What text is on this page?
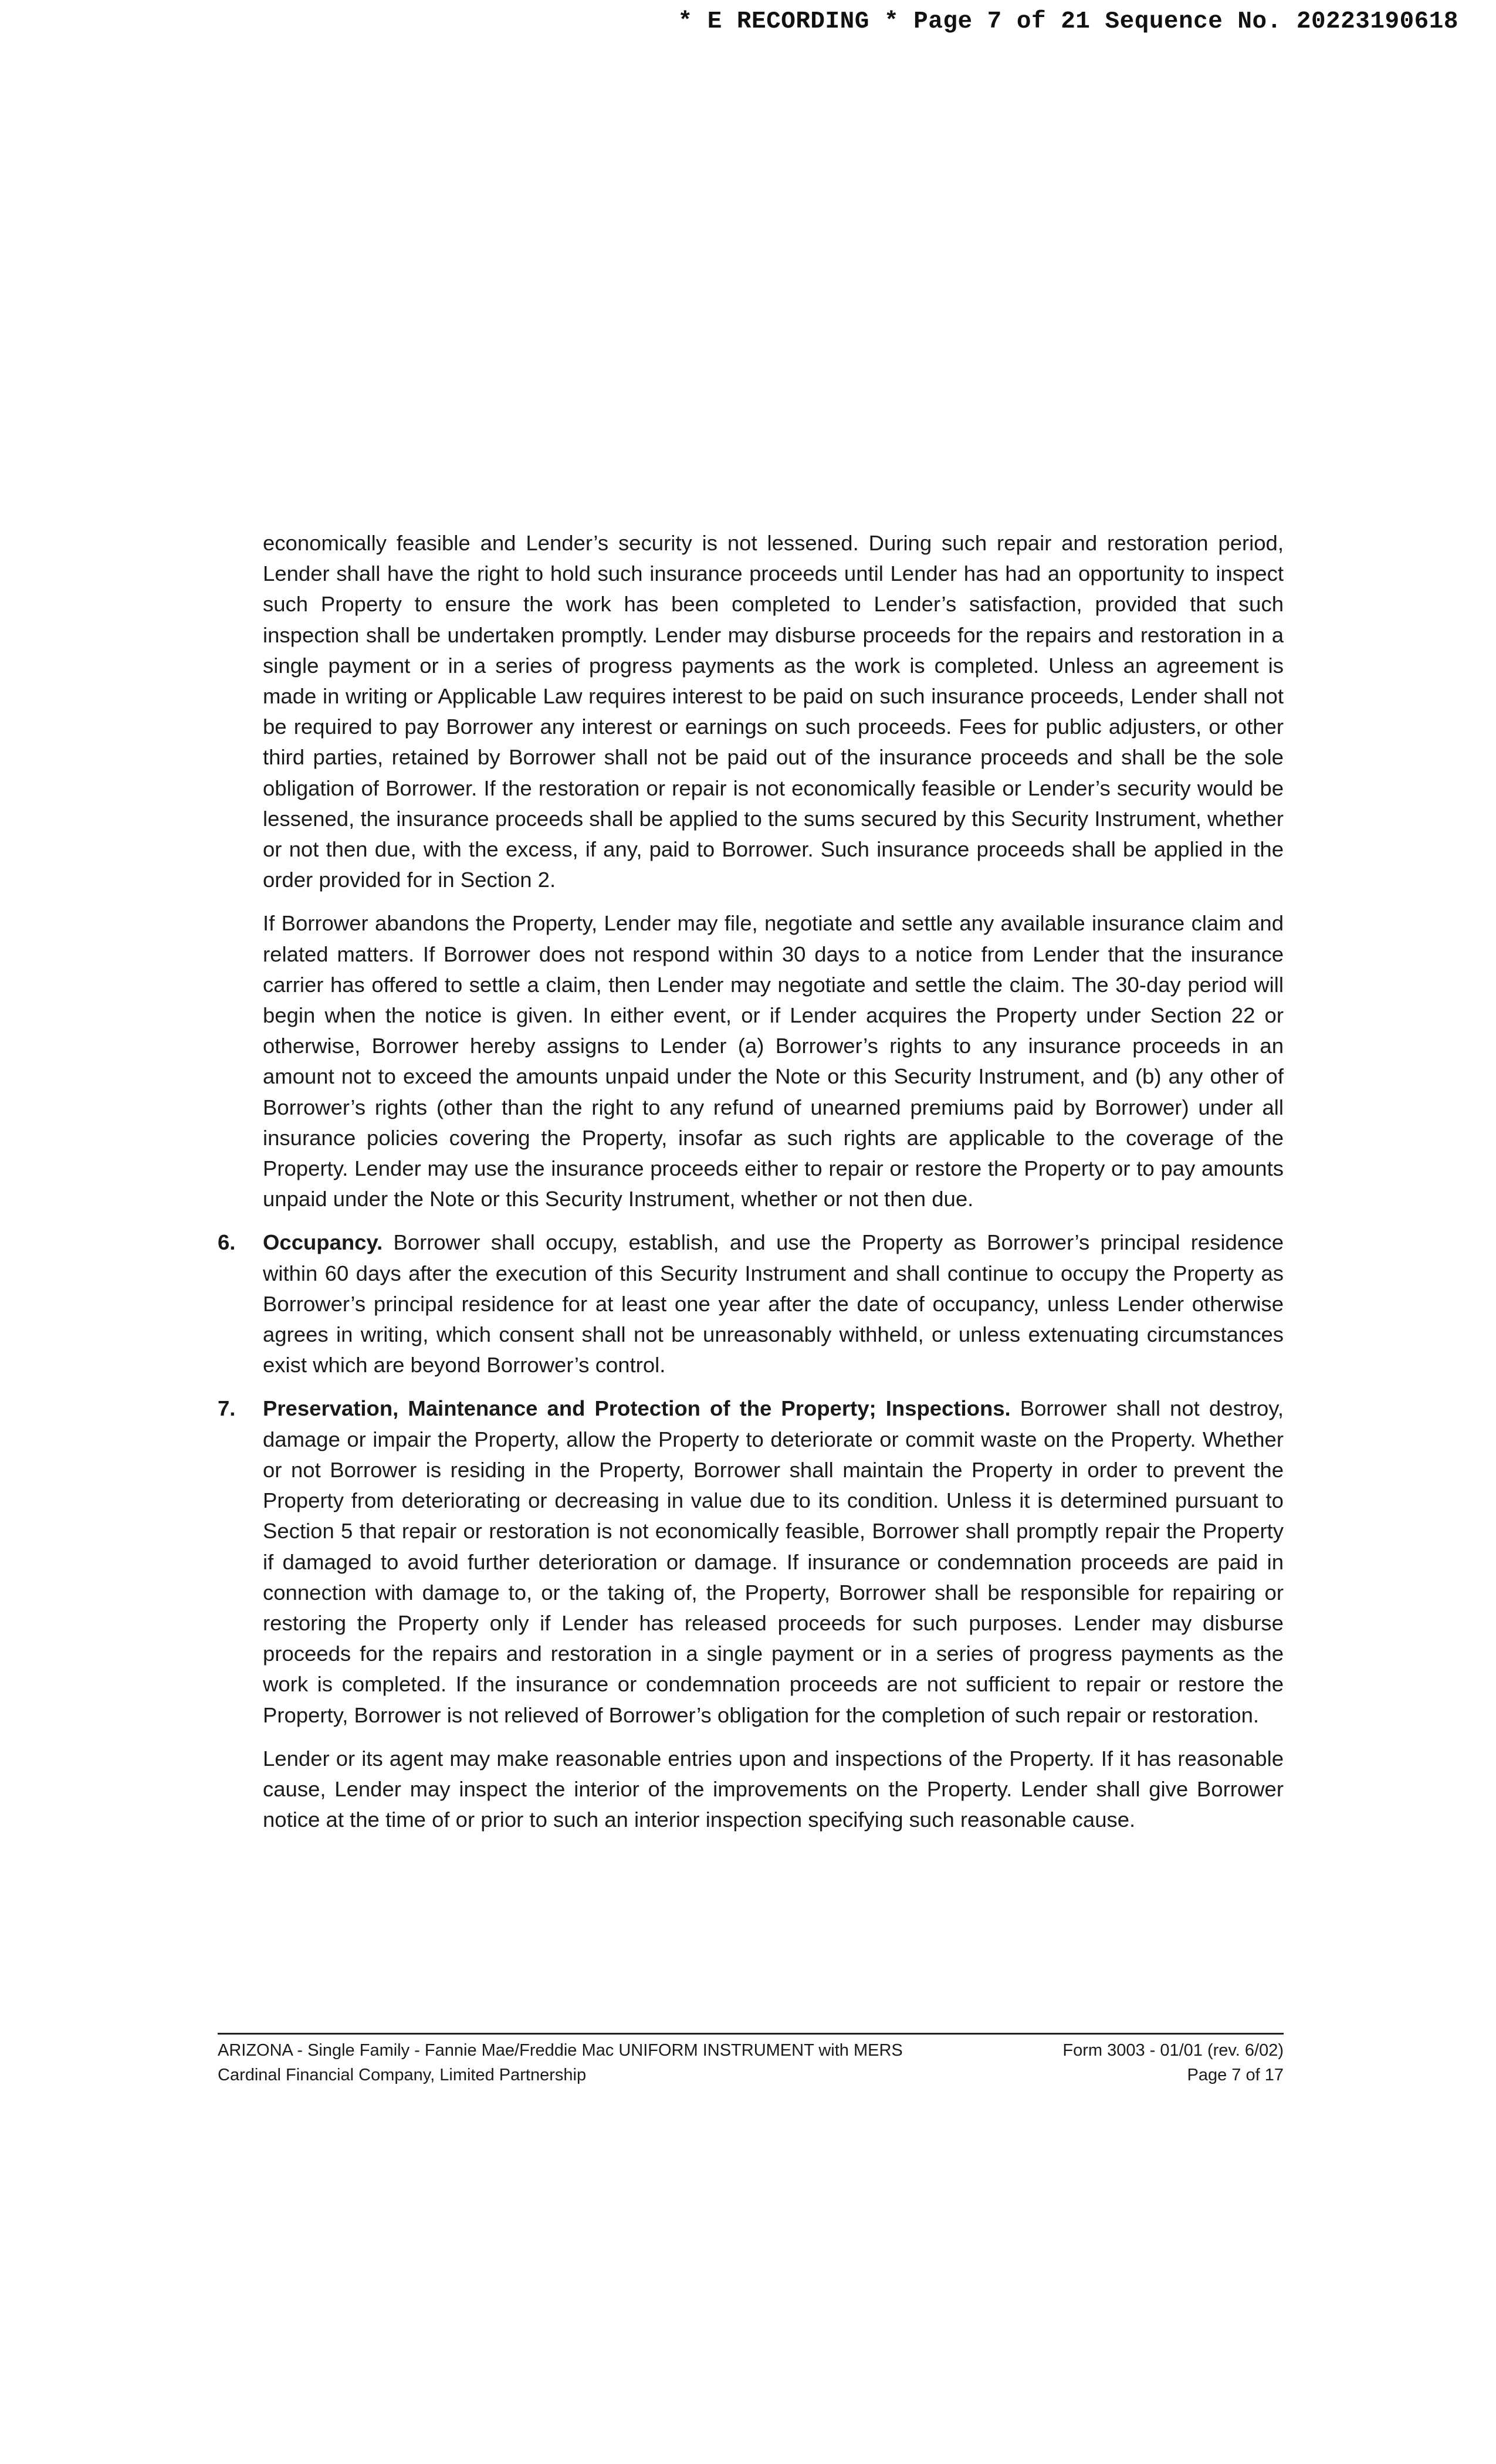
* E RECORDING * Page 7 of 21 Sequence No. 20223190618

economically feasible and Lender’s security is not lessened. During such repair and restoration period, Lender shall have the right to hold such insurance proceeds until Lender has had an opportunity to inspect such Property to ensure the work has been completed to Lender’s satisfaction, provided that such inspection shall be undertaken promptly. Lender may disburse proceeds for the repairs and restoration in a single payment or in a series of progress payments as the work is completed. Unless an agreement is made in writing or Applicable Law requires interest to be paid on such insurance proceeds, Lender shall not be required to pay Borrower any interest or earnings on such proceeds. Fees for public adjusters, or other third parties, retained by Borrower shall not be paid out of the insurance proceeds and shall be the sole obligation of Borrower. If the restoration or repair is not economically feasible or Lender’s security would be lessened, the insurance proceeds shall be applied to the sums secured by this Security Instrument, whether or not then due, with the excess, if any, paid to Borrower. Such insurance proceeds shall be applied in the order provided for in Section 2.

If Borrower abandons the Property, Lender may file, negotiate and settle any available insurance claim and related matters. If Borrower does not respond within 30 days to a notice from Lender that the insurance carrier has offered to settle a claim, then Lender may negotiate and settle the claim. The 30-day period will begin when the notice is given. In either event, or if Lender acquires the Property under Section 22 or otherwise, Borrower hereby assigns to Lender (a) Borrower’s rights to any insurance proceeds in an amount not to exceed the amounts unpaid under the Note or this Security Instrument, and (b) any other of Borrower’s rights (other than the right to any refund of unearned premiums paid by Borrower) under all insurance policies covering the Property, insofar as such rights are applicable to the coverage of the Property. Lender may use the insurance proceeds either to repair or restore the Property or to pay amounts unpaid under the Note or this Security Instrument, whether or not then due.

6.	Occupancy. Borrower shall occupy, establish, and use the Property as Borrower’s principal residence within 60 days after the execution of this Security Instrument and shall continue to occupy the Property as Borrower’s principal residence for at least one year after the date of occupancy, unless Lender otherwise agrees in writing, which consent shall not be unreasonably withheld, or unless extenuating circumstances exist which are beyond Borrower’s control.
7.	Preservation, Maintenance and Protection of the Property; Inspections. Borrower shall not destroy, damage or impair the Property, allow the Property to deteriorate or commit waste on the Property. Whether or not Borrower is residing in the Property, Borrower shall maintain the Property in order to prevent the Property from deteriorating or decreasing in value due to its condition. Unless it is determined pursuant to Section 5 that repair or restoration is not economically feasible, Borrower shall promptly repair the Property if damaged to avoid further deterioration or damage. If insurance or condemnation proceeds are paid in connection with damage to, or the taking of, the Property, Borrower shall be responsible for repairing or restoring the Property only if Lender has released proceeds for such purposes. Lender may disburse proceeds for the repairs and restoration in a single payment or in a series of progress payments as the work is completed. If the insurance or condemnation proceeds are not sufficient to repair or restore the Property, Borrower is not relieved of Borrower’s obligation for the completion of such repair or restoration.

Lender or its agent may make reasonable entries upon and inspections of the Property. If it has reasonable cause, Lender may inspect the interior of the improvements on the Property. Lender shall give Borrower notice at the time of or prior to such an interior inspection specifying such reasonable cause.

ARIZONA - Single Family - Fannie Mae/Freddie Mac UNIFORM INSTRUMENT with MERS	Form 3003 - 01/01 (rev. 6/02)
Cardinal Financial Company, Limited Partnership	Page 7 of 17
